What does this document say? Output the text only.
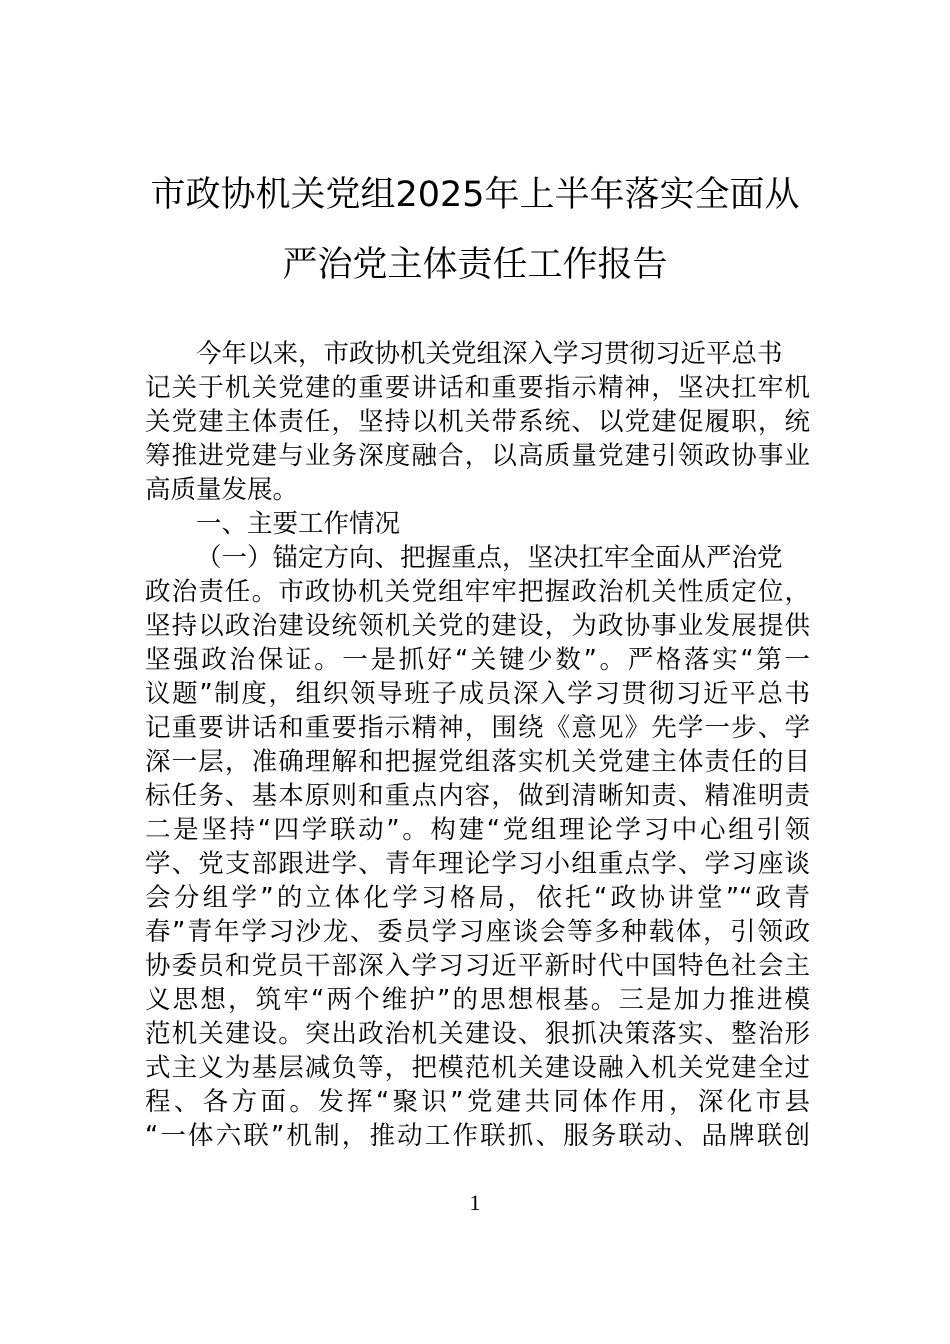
市政协机关党组2025年上半年落实全面从
严治党主体责任工作报告
今年以来，市政协机关党组深入学习贯彻习近平总书
记关于机关党建的重要讲话和重要指示精神，坚决扛牢机
关党建主体责任，坚持以机关带系统、以党建促履职，统
筹推进党建与业务深度融合，以高质量党建引领政协事业
高质量发展。
一、主要工作情况
（一）锚定方向、把握重点，坚决扛牢全面从严治党
政治责任。市政协机关党组牢牢把握政治机关性质定位，
坚持以政治建设统领机关党的建设，为政协事业发展提供
坚强政治保证。一是抓好“关键少数”。严格落实“第一
议题”制度，组织领导班子成员深入学习贯彻习近平总书
记重要讲话和重要指示精神，围绕《意见》先学一步、学
深一层，准确理解和把握党组落实机关党建主体责任的目
标任务、基本原则和重点内容，做到清晰知责、精准明责
二是坚持“四学联动”。构建“党组理论学习中心组引领
学、党支部跟进学、青年理论学习小组重点学、学习座谈
会分组学”的立体化学习格局，依托“政协讲堂”“政青
春”青年学习沙龙、委员学习座谈会等多种载体，引领政
协委员和党员干部深入学习习近平新时代中国特色社会主
义思想，筑牢“两个维护”的思想根基。三是加力推进模
范机关建设。突出政治机关建设、狠抓决策落实、整治形
式主义为基层减负等，把模范机关建设融入机关党建全过
程、各方面。发挥“聚识”党建共同体作用，深化市县
“一体六联”机制，推动工作联抓、服务联动、品牌联创
1
